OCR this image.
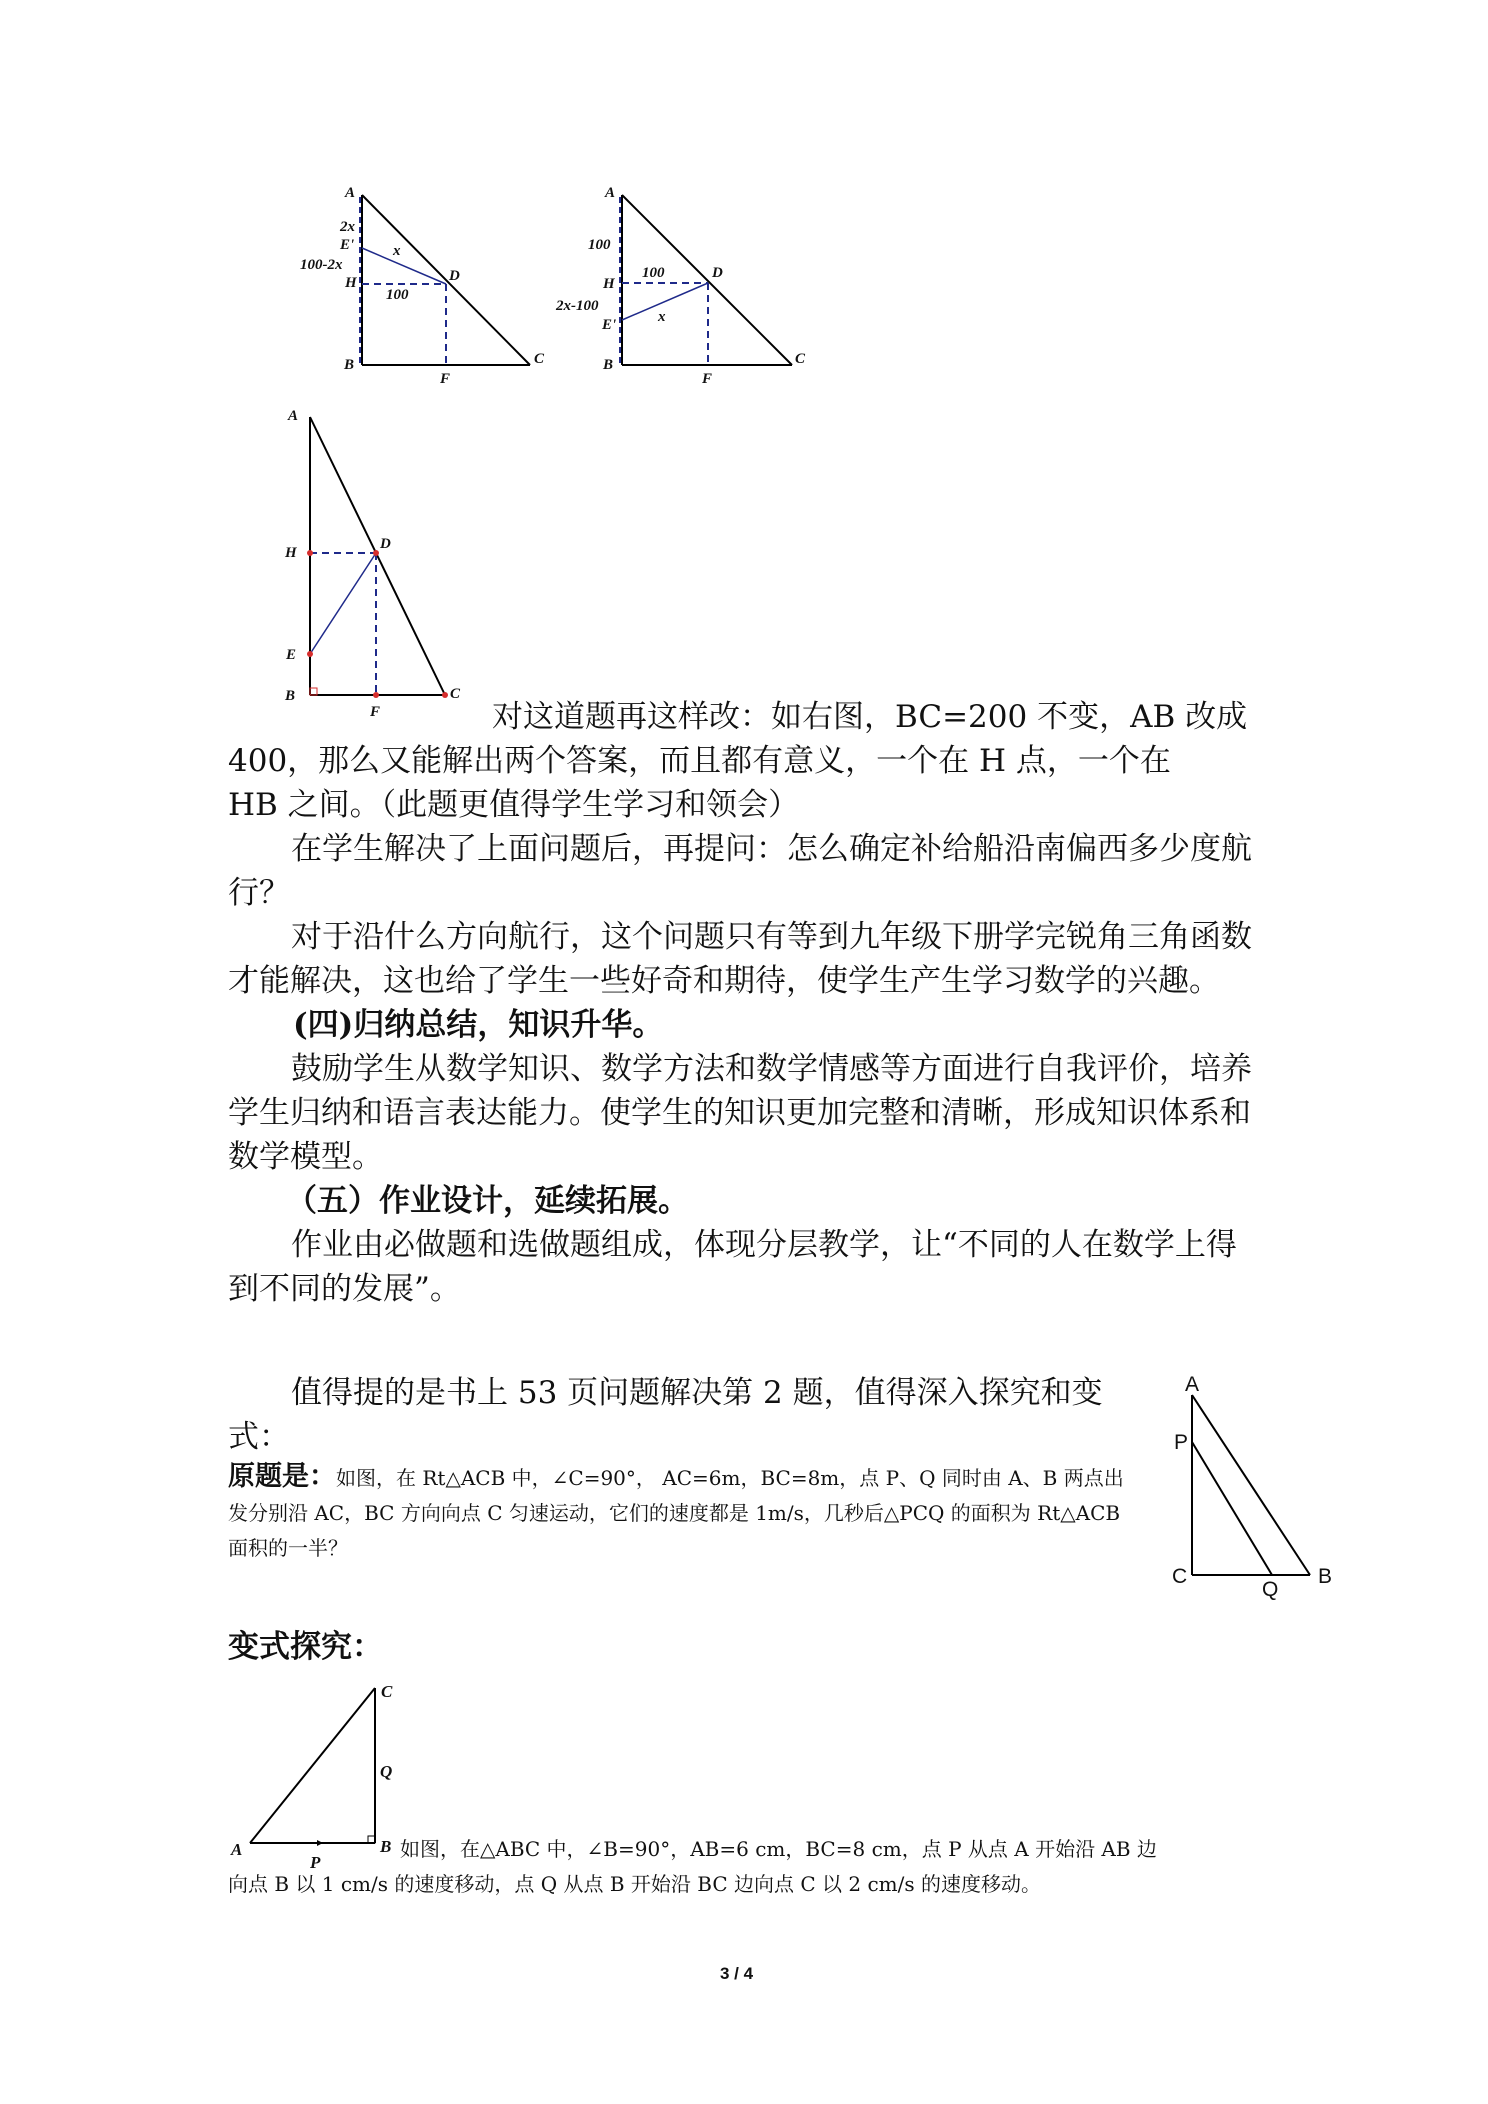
A
2x
E'	x
100-2x
H	D
100
B
F
C
A
100
H
100	D
2x-100
E'	x
B
F
C
A
H
D
E
B
F
C
对这道题再这样改：如右图，BC=200 不变，AB 改成
400，那么又能解出两个答案，而且都有意义，一个在 H 点，一个在
HB 之间。（此题更值得学生学习和领会）
在学生解决了上面问题后，再提问：怎么确定补给船沿南偏西多少度航行？
对于沿什么方向航行，这个问题只有等到九年级下册学完锐角三角函数才能解决，这也给了学生一些好奇和期待，使学生产生学习数学的兴趣。
(四)归纳总结，知识升华。
鼓励学生从数学知识、数学方法和数学情感等方面进行自我评价，培养学生归纳和语言表达能力。使学生的知识更加完整和清晰，形成知识体系和数学模型。
（五）作业设计，延续拓展。
作业由必做题和选做题组成，体现分层教学，让“不同的人在数学上得到不同的发展”。
值得提的是书上 53 页问题解决第 2 题，值得深入探究和变式：
原题是：如图，在 Rt△ACB 中，∠C=90°， AC=6m，BC=8m，点 P、Q 同时由 A、B 两点出发分别沿 AC，BC 方向向点 C 匀速运动，它们的速度都是 1m/s，几秒后△PCQ 的面积为 Rt△ACB 面积的一半？
A
P
C
Q
B
变式探究：
C
Q
A
P
B 如图，在△ABC 中，∠B=90°，AB=6 cm，BC=8 cm，点 P 从点 A 开始沿 AB 边
向点 B 以 1 cm/s 的速度移动，点 Q 从点 B 开始沿 BC 边向点 C 以 2 cm/s 的速度移动。
3 / 4
